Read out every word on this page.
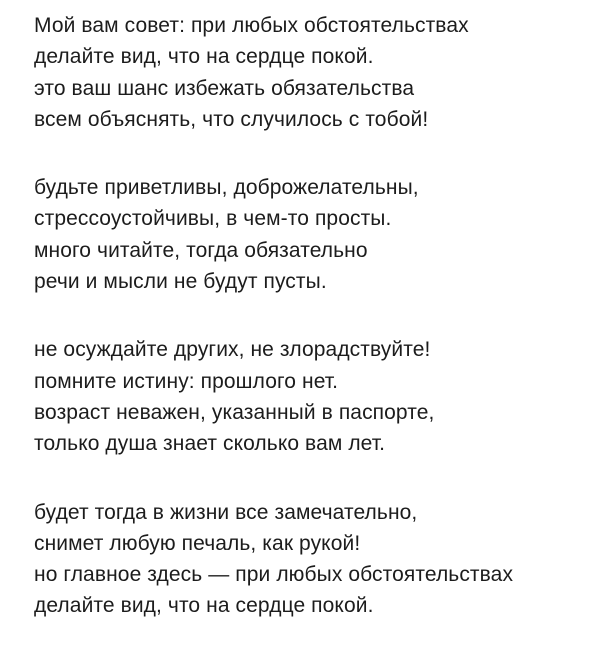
Мой вам совет: при любых обстоятельствах
делайте вид, что на сердце покой.
это ваш шанс избежать обязательства
всем объяснять, что случилось с тобой!
будьте приветливы, доброжелательны,
стрессоустойчивы, в чем-то просты.
много читайте, тогда обязательно
речи и мысли не будут пусты.
не осуждайте других, не злорадствуйте!
помните истину: прошлого нет.
возраст неважен, указанный в паспорте,
только душа знает сколько вам лет.
будет тогда в жизни все замечательно,
снимет любую печаль, как рукой!
но главное здесь — при любых обстоятельствах
делайте вид, что на сердце покой.
